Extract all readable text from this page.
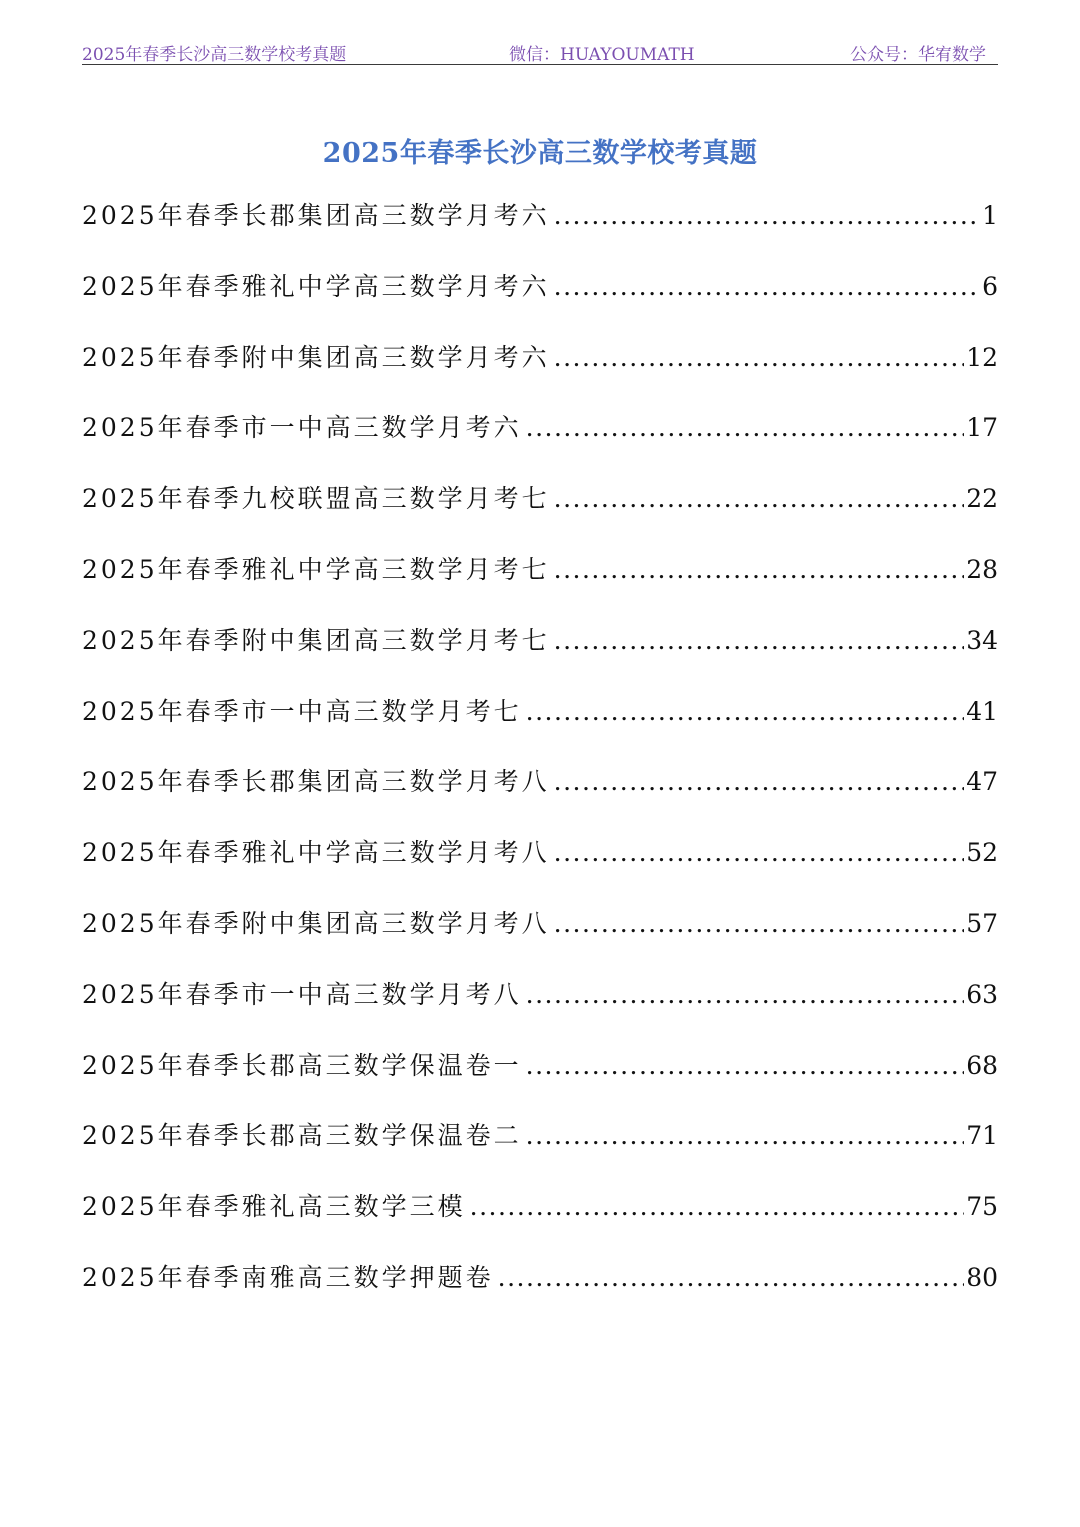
2025年春季长沙高三数学校考真题	微信：HUAYOUMATH	公众号：华宥数学
2025年春季长沙高三数学校考真题
2025年春季长郡集团高三数学月考六 .....	1
2025年春季雅礼中学高三数学月考六 .....	6
2025年春季附中集团高三数学月考六 .....	12
2025年春季市一中高三数学月考六 .....	17
2025年春季九校联盟高三数学月考七 .....	22
2025年春季雅礼中学高三数学月考七 .....	28
2025年春季附中集团高三数学月考七 .....	34
2025年春季市一中高三数学月考七 .....	41
2025年春季长郡集团高三数学月考八 .....	47
2025年春季雅礼中学高三数学月考八 .....	52
2025年春季附中集团高三数学月考八 .....	57
2025年春季市一中高三数学月考八 .....	63
2025年春季长郡高三数学保温卷一 .....	68
2025年春季长郡高三数学保温卷二 .....	71
2025年春季雅礼高三数学三模 .....	75
2025年春季南雅高三数学押题卷 .....	80
